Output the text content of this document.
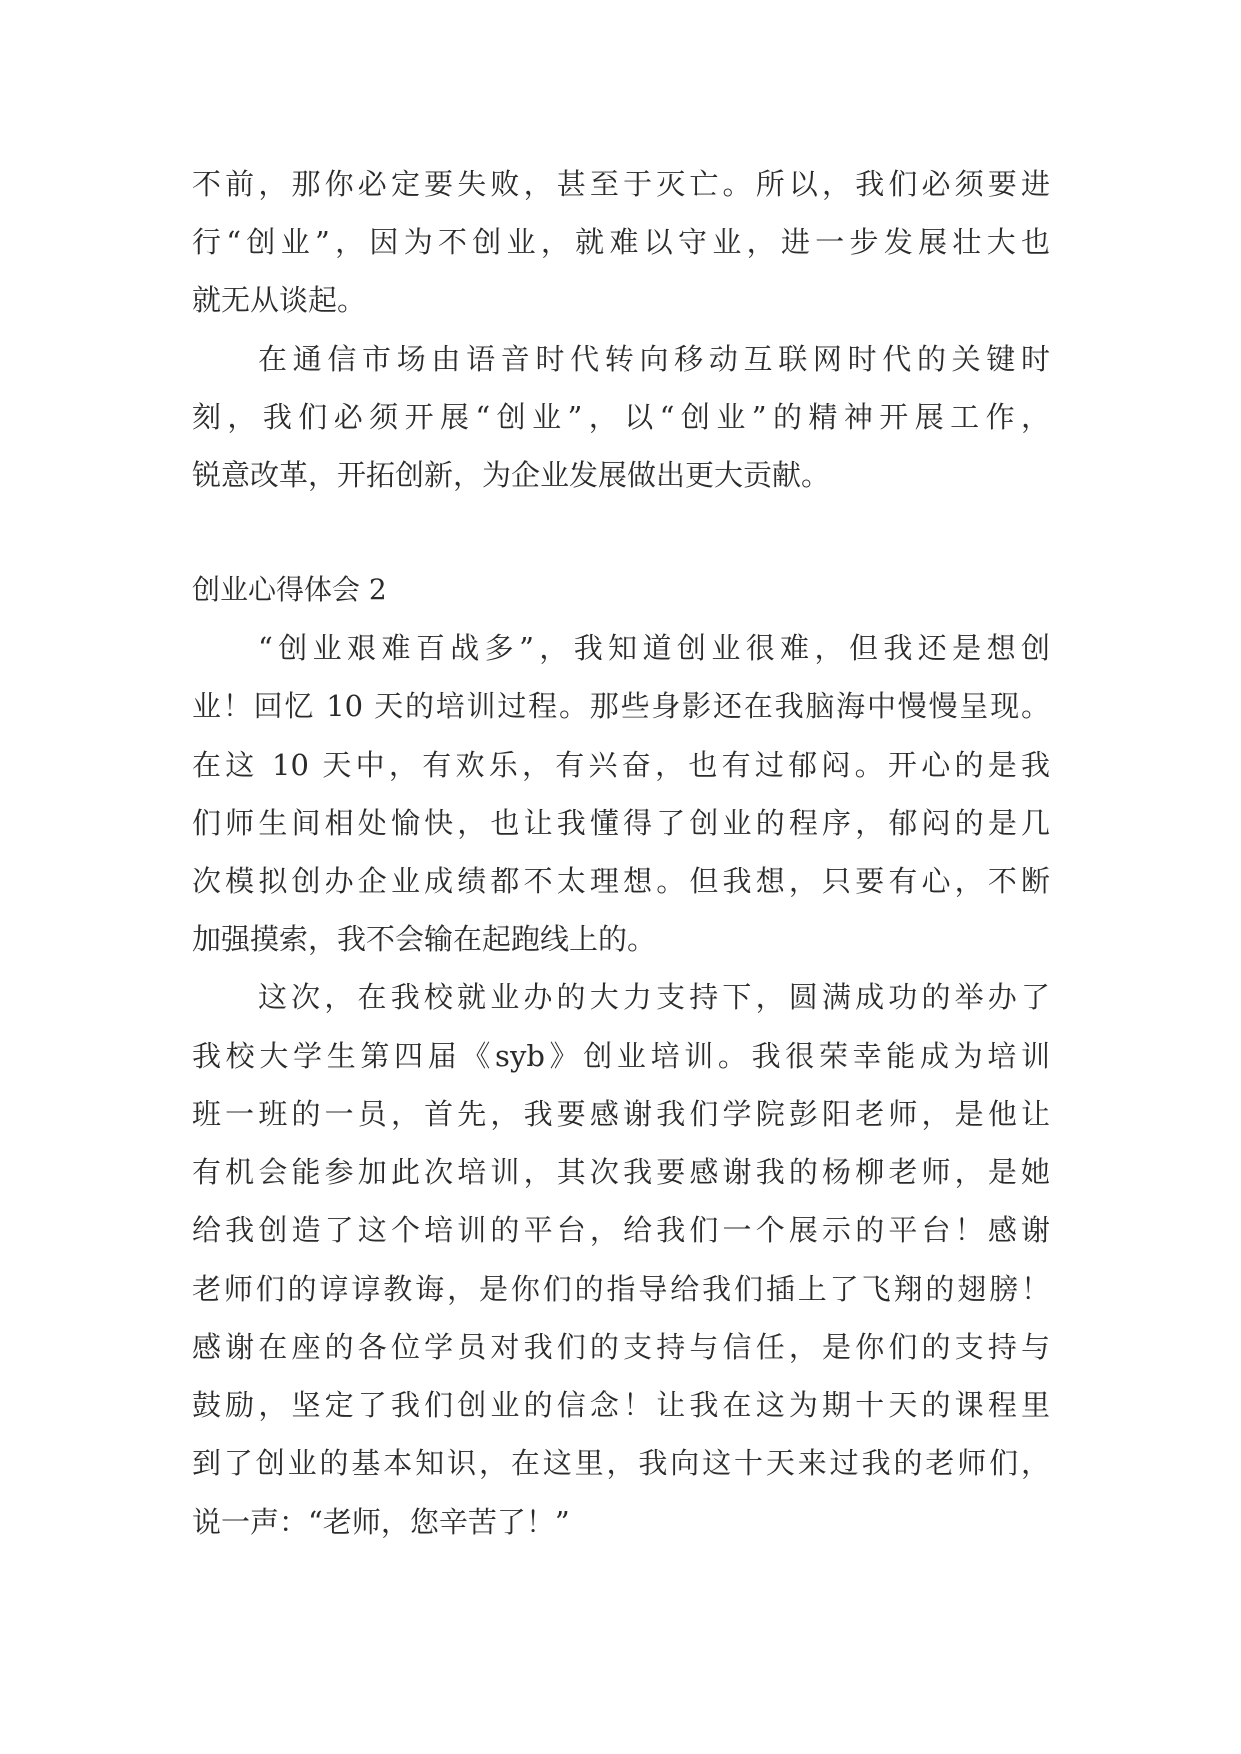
不前，那你必定要失败，甚至于灭亡。所以，我们必须要进
行“创业”，因为不创业，就难以守业，进一步发展壮大也
就无从谈起。
在通信市场由语音时代转向移动互联网时代的关键时
刻，我们必须开展“创业”，以“创业”的精神开展工作，
锐意改革，开拓创新，为企业发展做出更大贡献。
创业心得体会 2
“创业艰难百战多”，我知道创业很难，但我还是想创
业！回忆 10 天的培训过程。那些身影还在我脑海中慢慢呈现。
在这 10 天中，有欢乐，有兴奋，也有过郁闷。开心的是我
们师生间相处愉快，也让我懂得了创业的程序，郁闷的是几
次模拟创办企业成绩都不太理想。但我想，只要有心，不断
加强摸索，我不会输在起跑线上的。
这次，在我校就业办的大力支持下，圆满成功的举办了
我校大学生第四届《syb》创业培训。我很荣幸能成为培训
班一班的一员，首先，我要感谢我们学院彭阳老师，是他让
有机会能参加此次培训，其次我要感谢我的杨柳老师，是她
给我创造了这个培训的平台，给我们一个展示的平台！感谢
老师们的谆谆教诲，是你们的指导给我们插上了飞翔的翅膀！
感谢在座的各位学员对我们的支持与信任，是你们的支持与
鼓励，坚定了我们创业的信念！让我在这为期十天的课程里
到了创业的基本知识，在这里，我向这十天来过我的老师们，
说一声：“老师，您辛苦了！”
